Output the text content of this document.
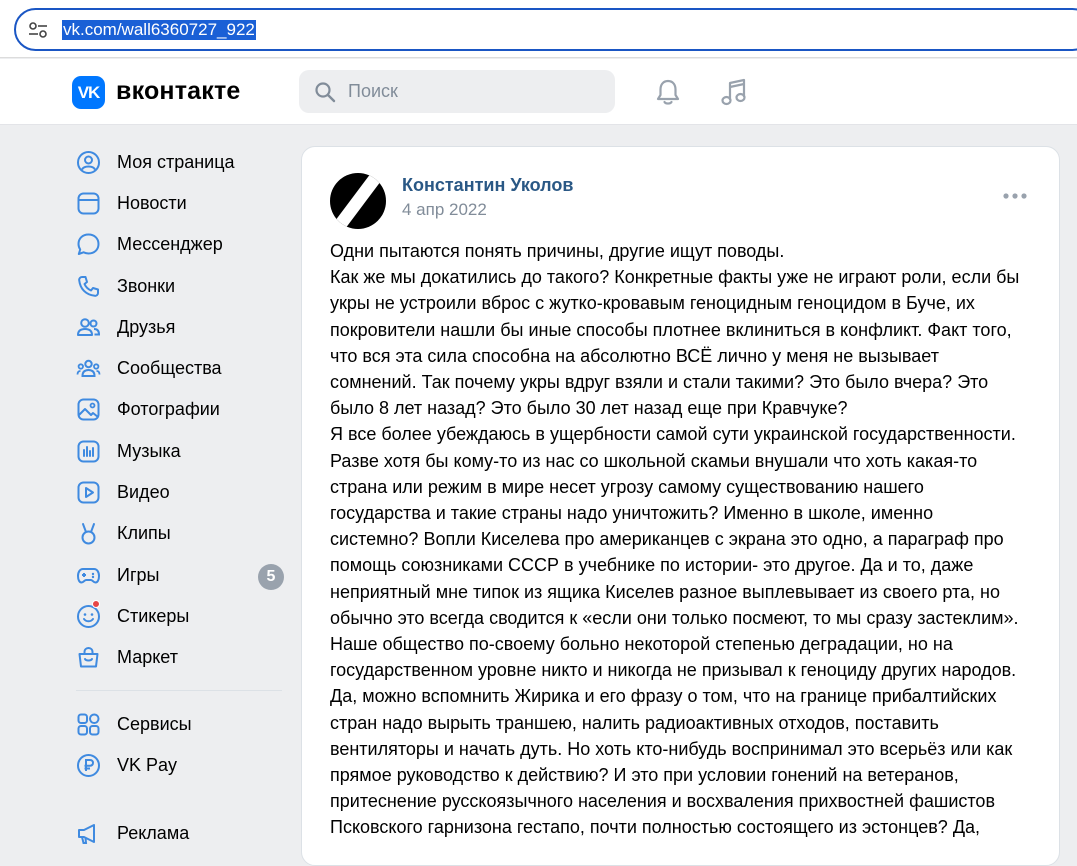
vk.com/wall6360727_922
VK вконтакте	Поиск
Моя страница
Новости
Мессенджер
Звонки
Друзья
Сообщества
Фотографии
Музыка
Видео
Клипы
Игры	5
Стикеры
Маркет
Сервисы
VK Pay
Реклама
Константин Уколов
4 апр 2022
Одни пытаются понять причины, другие ищут поводы.
Как же мы докатились до такого? Конкретные факты уже не играют роли, если бы
укры не устроили вброс с жутко-кровавым геноцидным геноцидом в Буче, их
покровители нашли бы иные способы плотнее вклиниться в конфликт. Факт того,
что вся эта сила способна на абсолютно ВСЁ лично у меня не вызывает
сомнений. Так почему укры вдруг взяли и стали такими? Это было вчера? Это
было 8 лет назад? Это было 30 лет назад еще при Кравчуке?
Я все более убеждаюсь в ущербности самой сути украинской государственности.
Разве хотя бы кому-то из нас со школьной скамьи внушали что хоть какая-то
страна или режим в мире несет угрозу самому существованию нашего
государства и такие страны надо уничтожить? Именно в школе, именно
системно? Вопли Киселева про американцев с экрана это одно, а параграф про
помощь союзниками СССР в учебнике по истории- это другое. Да и то, даже
неприятный мне типок из ящика Киселев разное выплевывает из своего рта, но
обычно это всегда сводится к «если они только посмеют, то мы сразу застеклим».
Наше общество по-своему больно некоторой степенью деградации, но на
государственном уровне никто и никогда не призывал к геноциду других народов.
Да, можно вспомнить Жирика и его фразу о том, что на границе прибалтийских
стран надо вырыть траншею, налить радиоактивных отходов, поставить
вентиляторы и начать дуть. Но хоть кто-нибудь воспринимал это всерьёз или как
прямое руководство к действию? И это при условии гонений на ветеранов,
притеснение русскоязычного населения и восхваления прихвостней фашистов
Псковского гарнизона гестапо, почти полностью состоящего из эстонцев? Да,
